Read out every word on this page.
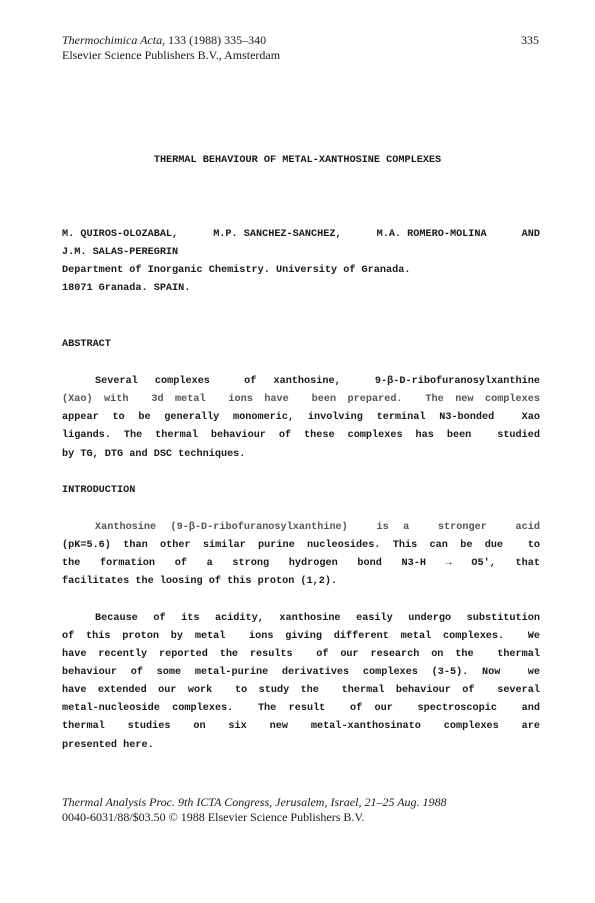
Thermochimica Acta, 133 (1988) 335–340	335
Elsevier Science Publishers B.V., Amsterdam
THERMAL BEHAVIOUR OF METAL-XANTHOSINE COMPLEXES
M. QUIROS-OLOZABAL,	M.P. SANCHEZ-SANCHEZ,	M.A. ROMERO-MOLINA	AND
J.M. SALAS-PEREGRIN
Department of Inorganic Chemistry. University of Granada.
18071 Granada. SPAIN.
ABSTRACT
Several complexes  of xanthosine,  9-β-D-ribofuranosylxanthine
(Xao) with  3d metal  ions have  been prepared.  The new complexes
appear to be generally monomeric, involving terminal N3-bonded  Xao
ligands. The thermal behaviour of these complexes has been  studied
by TG, DTG and DSC techniques.
INTRODUCTION
Xanthosine (9-β-D-ribofuranosylxanthine)  is a  stronger  acid
(pK=5.6) than other similar purine nucleosides. This can be due  to
the  formation  of  a  strong  hydrogen  bond  N3-H  →  O5',  that
facilitates the loosing of this proton (1,2).
Because of its acidity, xanthosine easily undergo substitution
of this proton by metal  ions giving different metal complexes.  We
have recently reported the results  of our research on the  thermal
behaviour of some metal-purine derivatives complexes (3-5). Now  we
have extended our work  to study the  thermal behaviour of  several
metal-nucleoside complexes.  The result  of our  spectroscopic  and
thermal  studies  on  six  new  metal-xanthosinato  complexes  are
presented here.
Thermal Analysis Proc. 9th ICTA Congress, Jerusalem, Israel, 21–25 Aug. 1988
0040-6031/88/$03.50 © 1988 Elsevier Science Publishers B.V.
